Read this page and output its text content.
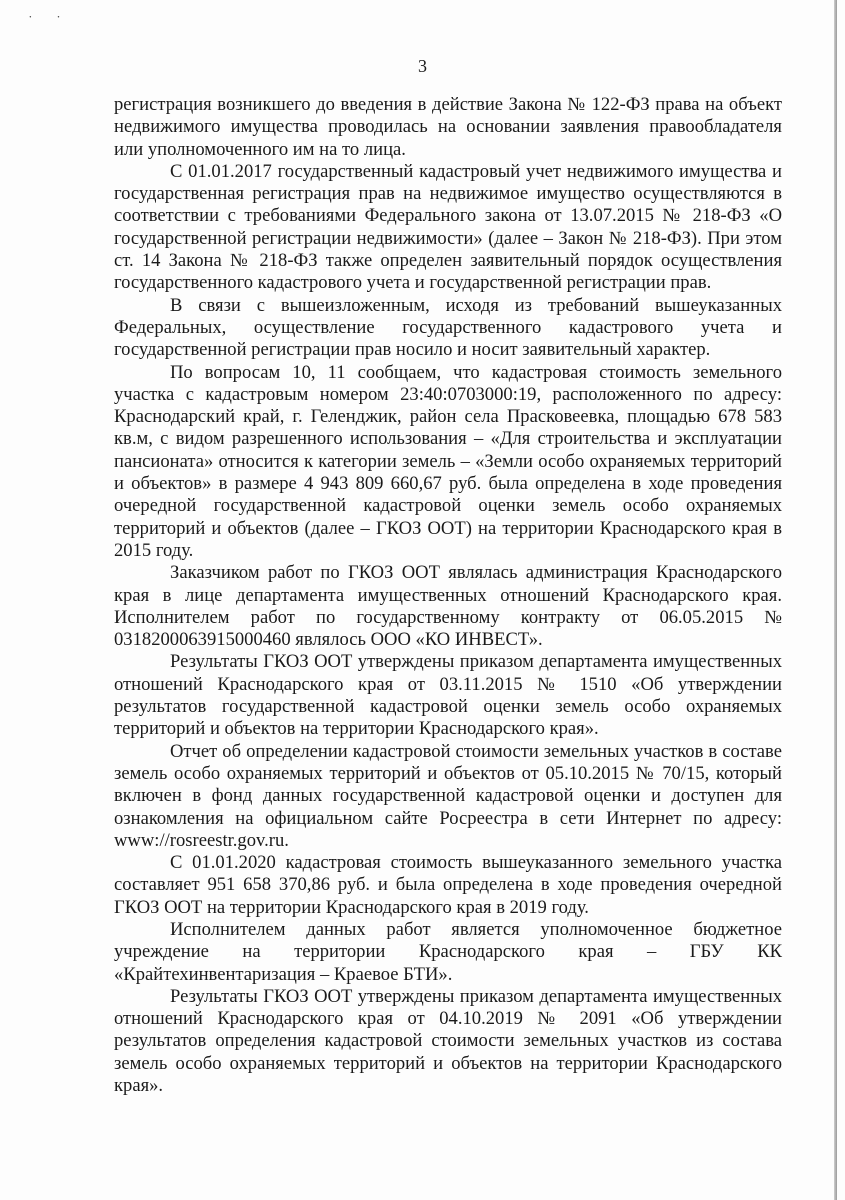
˙ ˙
3

регистрация возникшего до введения в действие Закона № 122-ФЗ права на объект недвижимого имущества проводилась на основании заявления правообладателя или уполномоченного им на то лица.

С 01.01.2017 государственный кадастровый учет недвижимого имущества и государственная регистрация прав на недвижимое имущество осуществляются в соответствии с требованиями Федерального закона от 13.07.2015 № 218-ФЗ «О государственной регистрации недвижимости» (далее – Закон № 218-ФЗ). При этом ст. 14 Закона № 218-ФЗ также определен заявительный порядок осуществления государственного кадастрового учета и государственной регистрации прав.

В связи с вышеизложенным, исходя из требований вышеуказанных Федеральных, осуществление государственного кадастрового учета и государственной регистрации прав носило и носит заявительный характер.

По вопросам 10, 11 сообщаем, что кадастровая стоимость земельного участка с кадастровым номером 23:40:0703000:19, расположенного по адресу: Краснодарский край, г. Геленджик, район села Прасковеевка, площадью 678 583 кв.м, с видом разрешенного использования – «Для строительства и эксплуатации пансионата» относится к категории земель – «Земли особо охраняемых территорий и объектов» в размере 4 943 809 660,67 руб. была определена в ходе проведения очередной государственной кадастровой оценки земель особо охраняемых территорий и объектов (далее – ГКОЗ ООТ) на территории Краснодарского края в 2015 году.

Заказчиком работ по ГКОЗ ООТ являлась администрация Краснодарского края в лице департамента имущественных отношений Краснодарского края. Исполнителем работ по государственному контракту от 06.05.2015 № 0318200063915000460 являлось ООО «КО ИНВЕСТ».

Результаты ГКОЗ ООТ утверждены приказом департамента имущественных отношений Краснодарского края от 03.11.2015 № 1510 «Об утверждении результатов государственной кадастровой оценки земель особо охраняемых территорий и объектов на территории Краснодарского края».

Отчет об определении кадастровой стоимости земельных участков в составе земель особо охраняемых территорий и объектов от 05.10.2015 № 70/15, который включен в фонд данных государственной кадастровой оценки и доступен для ознакомления на официальном сайте Росреестра в сети Интернет по адресу: www://rosreestr.gov.ru.

С 01.01.2020 кадастровая стоимость вышеуказанного земельного участка составляет 951 658 370,86 руб. и была определена в ходе проведения очередной ГКОЗ ООТ на территории Краснодарского края в 2019 году.

Исполнителем данных работ является уполномоченное бюджетное учреждение на территории Краснодарского края – ГБУ КК «Крайтехинвентаризация – Краевое БТИ».

Результаты ГКОЗ ООТ утверждены приказом департамента имущественных отношений Краснодарского края от 04.10.2019 № 2091 «Об утверждении результатов определения кадастровой стоимости земельных участков из состава земель особо охраняемых территорий и объектов на территории Краснодарского края».
